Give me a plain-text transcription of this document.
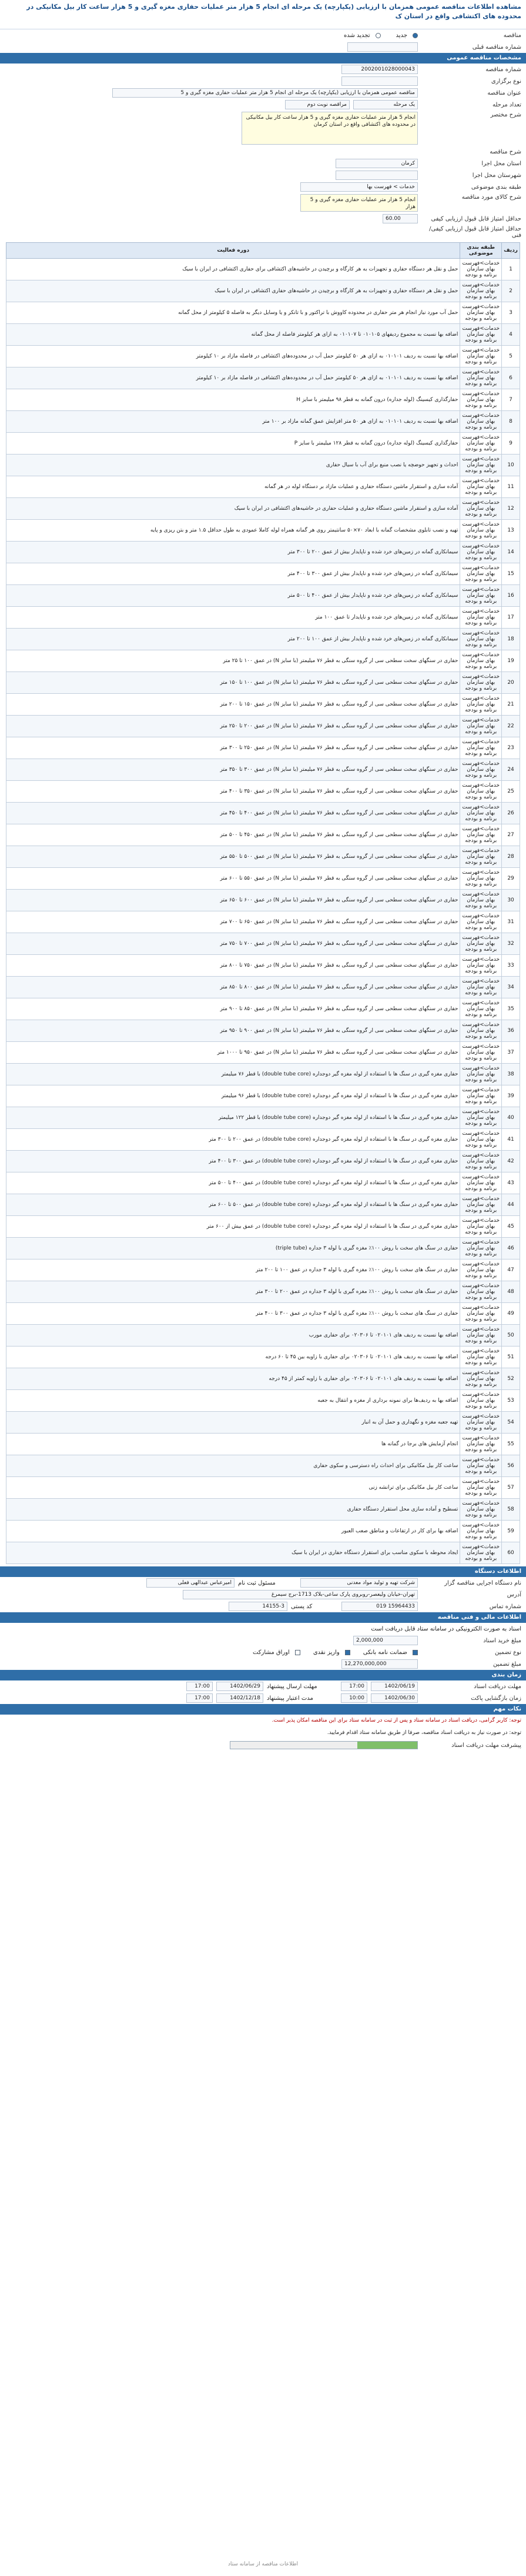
مشاهده اطلاعات مناقصه عمومی همزمان با ارزیابی (یکپارچه) یک مرحله ای انجام 5 هزار متر عملیات حفاری مغزه گیری و 5 هزار ساعت کار بیل مکانیکی در محدوده های اکتشافی واقع در استان ک
مناقصه
جدید
تجدید شده
شماره مناقصه قبلی
مشخصات مناقصه عمومی
شماره مناقصه
2002001028000043
نوع برگزاری
عنوان مناقصه
مناقصه عمومی همزمان با ارزیابی (یکپارچه) یک مرحله ای انجام 5 هزار متر عملیات حفاری مغزه گیری و 5
تعداد مرحله
یک مرحله
مراقصه نوبت دوم
شرح مختصر
انجام 5 هزار متر عملیات حفاری مغزه گیری و 5 هزار ساعت کار بیل مکانیکی در محدوده های اکتشافی واقع در استان کرمان
شرح مناقصه
استان محل اجرا
کرمان
شهرستان محل اجرا
طبقه بندی موضوعی
خدمات > فهرست بها
شرح کالای مورد مناقصه
انجام 5 هزار متر عملیات حفاری مغزه گیری و 5 هزار
حداقل امتیاز قابل قبول ارزیابی کیفی
60.00
حداقل امتیاز قابل قبول ارزیابی کیفی/فنی
ردیف	طبقه بندی موضوعی	دوره فعالیت
1	خدمات>فهرست بهای سازمان برنامه و بودجه	حمل و نقل هر دستگاه حفاری و تجهیزات به هر کارگاه و برچیدن در حاشیه‌های اکتشافی برای حفاری اکتشافی در ایران با سیک
2	خدمات>فهرست بهای سازمان برنامه و بودجه	حمل و نقل هر دستگاه حفاری و تجهیزات به هر کارگاه و برچیدن در حاشیه‌های حفاری اکتشافی در ایران با سیک
3	خدمات>فهرست بهای سازمان برنامه و بودجه	حمل آب مورد نیاز انجام هر متر حفاری در محدوده کاووش با تراکتور و با تانکر و یا وسایل دیگر به فاصله ۵ کیلومتر از محل گمانه
4	خدمات>فهرست بهای سازمان برنامه و بودجه	اضافه بها نسبت به مجموع ردیفهای ۰۱۰۱۰۵ تا ۰۱۰۱۰۷ به ازای هر کیلومتر فاصله از محل گمانه
5	خدمات>فهرست بهای سازمان برنامه و بودجه	اضافه بها نسبت به ردیف ۰۱۰۱۰۱ به ازای هر ۵۰ کیلومتر حمل آب در محدوده‌های اکتشافی در فاصله مازاد بر ۱۰ کیلومتر
6	خدمات>فهرست بهای سازمان برنامه و بودجه	اضافه بها نسبت به ردیف ۰۱۰۱۰۱ به ازای هر ۵۰ کیلومتر حمل آب در محدوده‌های اکتشافی در فاصله مازاد بر ۱۰ کیلومتر
7	خدمات>فهرست بهای سازمان برنامه و بودجه	حفارگذاری کیسینگ (لوله جداره) درون گمانه به قطر ۹۸ میلیمتر با سایز H
8	خدمات>فهرست بهای سازمان برنامه و بودجه	اضافه بها نسبت به ردیف ۰۱۰۱۰۱ به ازای هر ۵۰ متر افزایش عمق گمانه مازاد بر ۱۰۰ متر
9	خدمات>فهرست بهای سازمان برنامه و بودجه	حفارگذاری کیسینگ (لوله جداره) درون گمانه به قطر ۱۲۸ میلیمتر با سایز P
10	خدمات>فهرست بهای سازمان برنامه و بودجه	احداث و تجهیز حوضچه یا نصب منبع برای آب با سیال حفاری
11	خدمات>فهرست بهای سازمان برنامه و بودجه	آماده سازی و استقرار ماشین دستگاه حفاری و عملیات مازاد بر دستگاه لوله در هر گمانه
12	خدمات>فهرست بهای سازمان برنامه و بودجه	آماده سازی و استقرار ماشین دستگاه حفاری و عملیات حفاری در حاشیه‌های اکتشافی در ایران با سیک
13	خدمات>فهرست بهای سازمان برنامه و بودجه	تهیه و نصب تابلوی مشخصات گمانه با ابعاد ۷۰×۵۰ سانتیمتر روی هر گمانه همراه لوله کاملا عمودی به طول حداقل ۱.۵ متر و بتن ریزی و پایه
14	خدمات>فهرست بهای سازمان برنامه و بودجه	سیمانکاری گمانه در زمین‌های خرد شده و ناپایدار بیش از عمق ۲۰۰ تا ۳۰۰ متر
15	خدمات>فهرست بهای سازمان برنامه و بودجه	سیمانکاری گمانه در زمین‌های خرد شده و ناپایدار بیش از عمق ۳۰۰ تا ۴۰۰ متر
16	خدمات>فهرست بهای سازمان برنامه و بودجه	سیمانکاری گمانه در زمین‌های خرد شده و ناپایدار بیش از عمق ۴۰۰ تا ۵۰۰ متر
17	خدمات>فهرست بهای سازمان برنامه و بودجه	سیمانکاری گمانه در زمین‌های خرد شده و ناپایدار تا عمق ۱۰۰ متر
18	خدمات>فهرست بهای سازمان برنامه و بودجه	سیمانکاری گمانه در زمین‌های خرد شده و ناپایدار بیش از عمق ۱۰۰ تا ۲۰۰ متر
19	خدمات>فهرست بهای سازمان برنامه و بودجه	حفاری در سنگهای سخت سطحی سی ار گروه سنگی به قطر ۷۶ میلیمتر (با سایز N) در عمق ۱۰۰ تا ۲۵ متر
20	خدمات>فهرست بهای سازمان برنامه و بودجه	حفاری در سنگهای سخت سطحی سی ار گروه سنگی به قطر ۷۶ میلیمتر (با سایز N) در عمق ۱۰۰ تا ۱۵۰ متر
21	خدمات>فهرست بهای سازمان برنامه و بودجه	حفاری در سنگهای سخت سطحی سی ار گروه سنگی به قطر ۷۶ میلیمتر (با سایز N) در عمق ۱۵۰ تا ۲۰۰ متر
22	خدمات>فهرست بهای سازمان برنامه و بودجه	حفاری در سنگهای سخت سطحی سی ار گروه سنگی به قطر ۷۶ میلیمتر (با سایز N) در عمق ۲۰۰ تا ۲۵۰ متر
23	خدمات>فهرست بهای سازمان برنامه و بودجه	حفاری در سنگهای سخت سطحی سی ار گروه سنگی به قطر ۷۶ میلیمتر (با سایز N) در عمق ۲۵۰ تا ۳۰۰ متر
24	خدمات>فهرست بهای سازمان برنامه و بودجه	حفاری در سنگهای سخت سطحی سی ار گروه سنگی به قطر ۷۶ میلیمتر (با سایز N) در عمق ۳۰۰ تا ۳۵۰ متر
25	خدمات>فهرست بهای سازمان برنامه و بودجه	حفاری در سنگهای سخت سطحی سی ار گروه سنگی به قطر ۷۶ میلیمتر (با سایز N) در عمق ۳۵۰ تا ۴۰۰ متر
26	خدمات>فهرست بهای سازمان برنامه و بودجه	حفاری در سنگهای سخت سطحی سی ار گروه سنگی به قطر ۷۶ میلیمتر (با سایز N) در عمق ۴۰۰ تا ۴۵۰ متر
27	خدمات>فهرست بهای سازمان برنامه و بودجه	حفاری در سنگهای سخت سطحی سی ار گروه سنگی به قطر ۷۶ میلیمتر (با سایز N) در عمق ۴۵۰ تا ۵۰۰ متر
28	خدمات>فهرست بهای سازمان برنامه و بودجه	حفاری در سنگهای سخت سطحی سی ار گروه سنگی به قطر ۷۶ میلیمتر (با سایز N) در عمق ۵۰۰ تا ۵۵۰ متر
29	خدمات>فهرست بهای سازمان برنامه و بودجه	حفاری در سنگهای سخت سطحی سی ار گروه سنگی به قطر ۷۶ میلیمتر (با سایز N) در عمق ۵۵۰ تا ۶۰۰ متر
30	خدمات>فهرست بهای سازمان برنامه و بودجه	حفاری در سنگهای سخت سطحی سی ار گروه سنگی به قطر ۷۶ میلیمتر (با سایز N) در عمق ۶۰۰ تا ۶۵۰ متر
31	خدمات>فهرست بهای سازمان برنامه و بودجه	حفاری در سنگهای سخت سطحی سی ار گروه سنگی به قطر ۷۶ میلیمتر (با سایز N) در عمق ۶۵۰ تا ۷۰۰ متر
32	خدمات>فهرست بهای سازمان برنامه و بودجه	حفاری در سنگهای سخت سطحی سی ار گروه سنگی به قطر ۷۶ میلیمتر (با سایز N) در عمق ۷۰۰ تا ۷۵۰ متر
33	خدمات>فهرست بهای سازمان برنامه و بودجه	حفاری در سنگهای سخت سطحی سی ار گروه سنگی به قطر ۷۶ میلیمتر (با سایز N) در عمق ۷۵۰ تا ۸۰۰ متر
34	خدمات>فهرست بهای سازمان برنامه و بودجه	حفاری در سنگهای سخت سطحی سی ار گروه سنگی به قطر ۷۶ میلیمتر (با سایز N) در عمق ۸۰۰ تا ۸۵۰ متر
35	خدمات>فهرست بهای سازمان برنامه و بودجه	حفاری در سنگهای سخت سطحی سی ار گروه سنگی به قطر ۷۶ میلیمتر (با سایز N) در عمق ۸۵۰ تا ۹۰۰ متر
36	خدمات>فهرست بهای سازمان برنامه و بودجه	حفاری در سنگهای سخت سطحی سی ار گروه سنگی به قطر ۷۶ میلیمتر (با سایز N) در عمق ۹۰۰ تا ۹۵۰ متر
37	خدمات>فهرست بهای سازمان برنامه و بودجه	حفاری در سنگهای سخت سطحی سی ار گروه سنگی به قطر ۷۶ میلیمتر (با سایز N) در عمق ۹۵۰ تا ۱۰۰۰ متر
38	خدمات>فهرست بهای سازمان برنامه و بودجه	حفاری مغزه گیری در سنگ ها با استفاده از لوله مغزه گیر دوجداره (double tube core) با قطر ۷۶ میلیمتر
39	خدمات>فهرست بهای سازمان برنامه و بودجه	حفاری مغزه گیری در سنگ ها با استفاده از لوله مغزه گیر دوجداره (double tube core) با قطر ۹۶ میلیمتر
40	خدمات>فهرست بهای سازمان برنامه و بودجه	حفاری مغزه گیری در سنگ ها با استفاده از لوله مغزه گیر دوجداره (double tube core) با قطر ۱۲۲ میلیمتر
41	خدمات>فهرست بهای سازمان برنامه و بودجه	حفاری مغزه گیری در سنگ ها با استفاده از لوله مغزه گیر دوجداره (double tube core) در عمق ۲۰۰ تا ۳۰۰ متر
42	خدمات>فهرست بهای سازمان برنامه و بودجه	حفاری مغزه گیری در سنگ ها با استفاده از لوله مغزه گیر دوجداره (double tube core) در عمق ۳۰۰ تا ۴۰۰ متر
43	خدمات>فهرست بهای سازمان برنامه و بودجه	حفاری مغزه گیری در سنگ ها با استفاده از لوله مغزه گیر دوجداره (double tube core) در عمق ۴۰۰ تا ۵۰۰ متر
44	خدمات>فهرست بهای سازمان برنامه و بودجه	حفاری مغزه گیری در سنگ ها با استفاده از لوله مغزه گیر دوجداره (double tube core) در عمق ۵۰۰ تا ۶۰۰ متر
45	خدمات>فهرست بهای سازمان برنامه و بودجه	حفاری مغزه گیری در سنگ ها با استفاده از لوله مغزه گیر دوجداره (double tube core) در عمق بیش از ۶۰۰ متر
46	خدمات>فهرست بهای سازمان برنامه و بودجه	حفاری در سنگ های سخت با روش ۱۰۰٪ مغزه گیری با لوله ۳ جداره (triple tube)
47	خدمات>فهرست بهای سازمان برنامه و بودجه	حفاری در سنگ های سخت با روش ۱۰۰٪ مغزه گیری با لوله ۳ جداره در عمق ۱۰۰ تا ۲۰۰ متر
48	خدمات>فهرست بهای سازمان برنامه و بودجه	حفاری در سنگ های سخت با روش ۱۰۰٪ مغزه گیری با لوله ۳ جداره در عمق ۲۰۰ تا ۳۰۰ متر
49	خدمات>فهرست بهای سازمان برنامه و بودجه	حفاری در سنگ های سخت با روش ۱۰۰٪ مغزه گیری با لوله ۳ جداره در عمق ۳۰۰ تا ۴۰۰ متر
50	خدمات>فهرست بهای سازمان برنامه و بودجه	اضافه بها نسبت به ردیف های ۰۲۰۱۰۱ تا ۰۲۰۳۰۶ برای حفاری مورب
51	خدمات>فهرست بهای سازمان برنامه و بودجه	اضافه بها نسبت به ردیف های ۰۲۰۱۰۱ تا ۰۲۰۳۰۶ برای حفاری با زاویه بین ۴۵ تا ۶۰ درجه
52	خدمات>فهرست بهای سازمان برنامه و بودجه	اضافه بها نسبت به ردیف های ۰۲۰۱۰۱ تا ۰۲۰۳۰۶ برای حفاری با زاویه کمتر از ۴۵ درجه
53	خدمات>فهرست بهای سازمان برنامه و بودجه	اضافه بها به ردیف‌ها برای نمونه برداری از مغزه و انتقال به جعبه
54	خدمات>فهرست بهای سازمان برنامه و بودجه	تهیه جعبه مغزه و نگهداری و حمل آن به انبار
55	خدمات>فهرست بهای سازمان برنامه و بودجه	انجام آزمایش های برجا در گمانه ها
56	خدمات>فهرست بهای سازمان برنامه و بودجه	ساعت کار بیل مکانیکی برای احداث راه دسترسی و سکوی حفاری
57	خدمات>فهرست بهای سازمان برنامه و بودجه	ساعت کار بیل مکانیکی برای ترانشه زنی
58	خدمات>فهرست بهای سازمان برنامه و بودجه	تسطیح و آماده سازی محل استقرار دستگاه حفاری
59	خدمات>فهرست بهای سازمان برنامه و بودجه	اضافه بها برای کار در ارتفاعات و مناطق صعب العبور
60	خدمات>فهرست بهای سازمان برنامه و بودجه	ایجاد محوطه با سکوی مناسب برای استقرار دستگاه حفاری در ایران با سیک
اطلاعات دستگاه
نام دستگاه اجرایی مناقصه گزار
شرکت تهیه و تولید مواد معدنی
مسئول ثبت نام
امیرعباس عبدالهی فعلی
آدرس
تهران-خیابان ولیعصر-روبروی پارک ساعی-بلاک 1713-برج سیمرغ
شماره تماس
15964433 019
کد پستی
14155-3
اطلاعات مالی و فنی مناقصه
اسناد به صورت الکترونیکی در سامانه ستاد قابل دریافت است
مبلغ خرید اسناد
2,000,000
نوع تضمین
ضمانت نامه بانکی
واریز نقدی
اوراق مشارکت
مبلغ تضمین
12,270,000,000
زمان بندی
مهلت دریافت اسناد
1402/06/19
17:00
مهلت ارسال پیشنهاد
1402/06/29
17:00
زمان بازگشایی پاکت
1402/06/30
10:00
مدت اعتبار پیشنهاد
1402/12/18
17:00
نکات مهم
توجه: کاربر گرامی، دریافت اسناد در سامانه ستاد و پس از ثبت در سامانه ستاد برای این مناقصه امکان پذیر است.
توجه: در صورت نیاز به دریافت اسناد مناقصه، صرفا از طریق سامانه ستاد اقدام فرمایید.
پیشرفت مهلت دریافت اسناد
اطلاعات مناقصه از سامانه ستاد
